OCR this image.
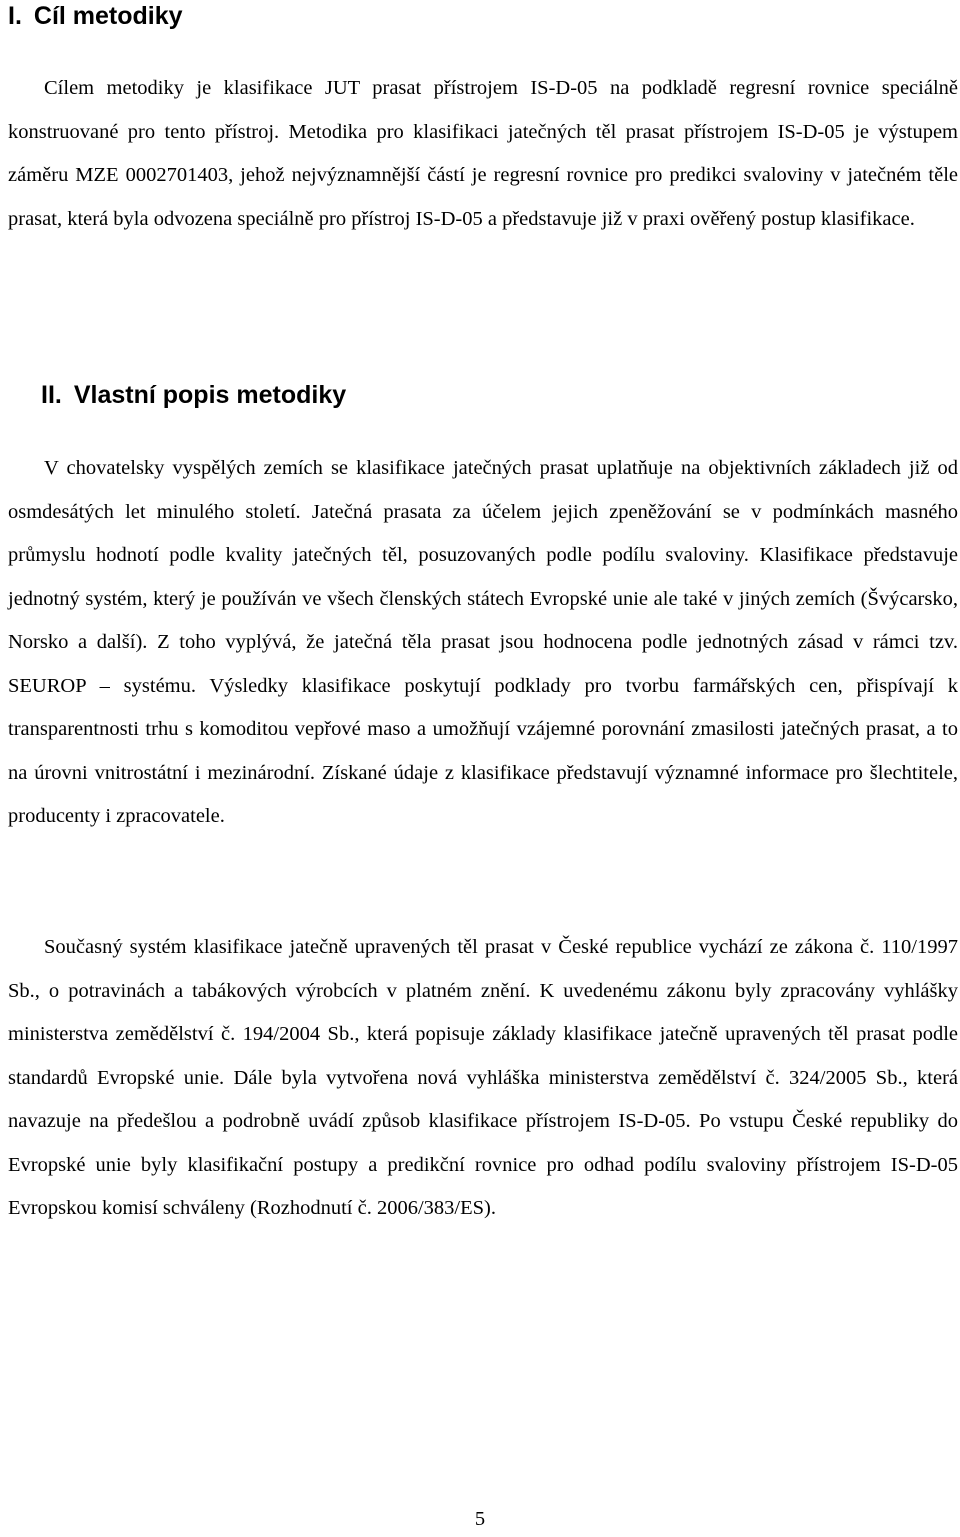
I. Cíl metodiky

Cílem metodiky je klasifikace JUT prasat přístrojem IS-D-05 na podkladě regresní rovnice speciálně konstruované pro tento přístroj. Metodika pro klasifikaci jatečných těl prasat přístrojem IS-D-05 je výstupem záměru MZE 0002701403, jehož nejvýznamnější částí je regresní rovnice pro predikci svaloviny v jatečném těle prasat, která byla odvozena speciálně pro přístroj IS-D-05 a představuje již v praxi ověřený postup klasifikace.

II. Vlastní popis metodiky

V chovatelsky vyspělých zemích se klasifikace jatečných prasat uplatňuje na objektivních základech již od osmdesátých let minulého století. Jatečná prasata za účelem jejich zpeněžování se v podmínkách masného průmyslu hodnotí podle kvality jatečných těl, posuzovaných podle podílu svaloviny. Klasifikace představuje jednotný systém, který je používán ve všech členských státech Evropské unie ale také v jiných zemích (Švýcarsko, Norsko a další). Z toho vyplývá, že jatečná těla prasat jsou hodnocena podle jednotných zásad v rámci tzv. SEUROP – systému. Výsledky klasifikace poskytují podklady pro tvorbu farmářských cen, přispívají k transparentnosti trhu s komoditou vepřové maso a umožňují vzájemné porovnání zmasilosti jatečných prasat, a to na úrovni vnitrostátní i mezinárodní. Získané údaje z klasifikace představují významné informace pro šlechtitele, producenty i zpracovatele.

Současný systém klasifikace jatečně upravených těl prasat v České republice vychází ze zákona č. 110/1997 Sb., o potravinách a tabákových výrobcích v platném znění. K uvedenému zákonu byly zpracovány vyhlášky ministerstva zemědělství č. 194/2004 Sb., která popisuje základy klasifikace jatečně upravených těl prasat podle standardů Evropské unie. Dále byla vytvořena nová vyhláška ministerstva zemědělství č. 324/2005 Sb., která navazuje na předešlou a podrobně uvádí způsob klasifikace přístrojem IS-D-05. Po vstupu České republiky do Evropské unie byly klasifikační postupy a predikční rovnice pro odhad podílu svaloviny přístrojem IS-D-05 Evropskou komisí schváleny (Rozhodnutí č. 2006/383/ES).

5
